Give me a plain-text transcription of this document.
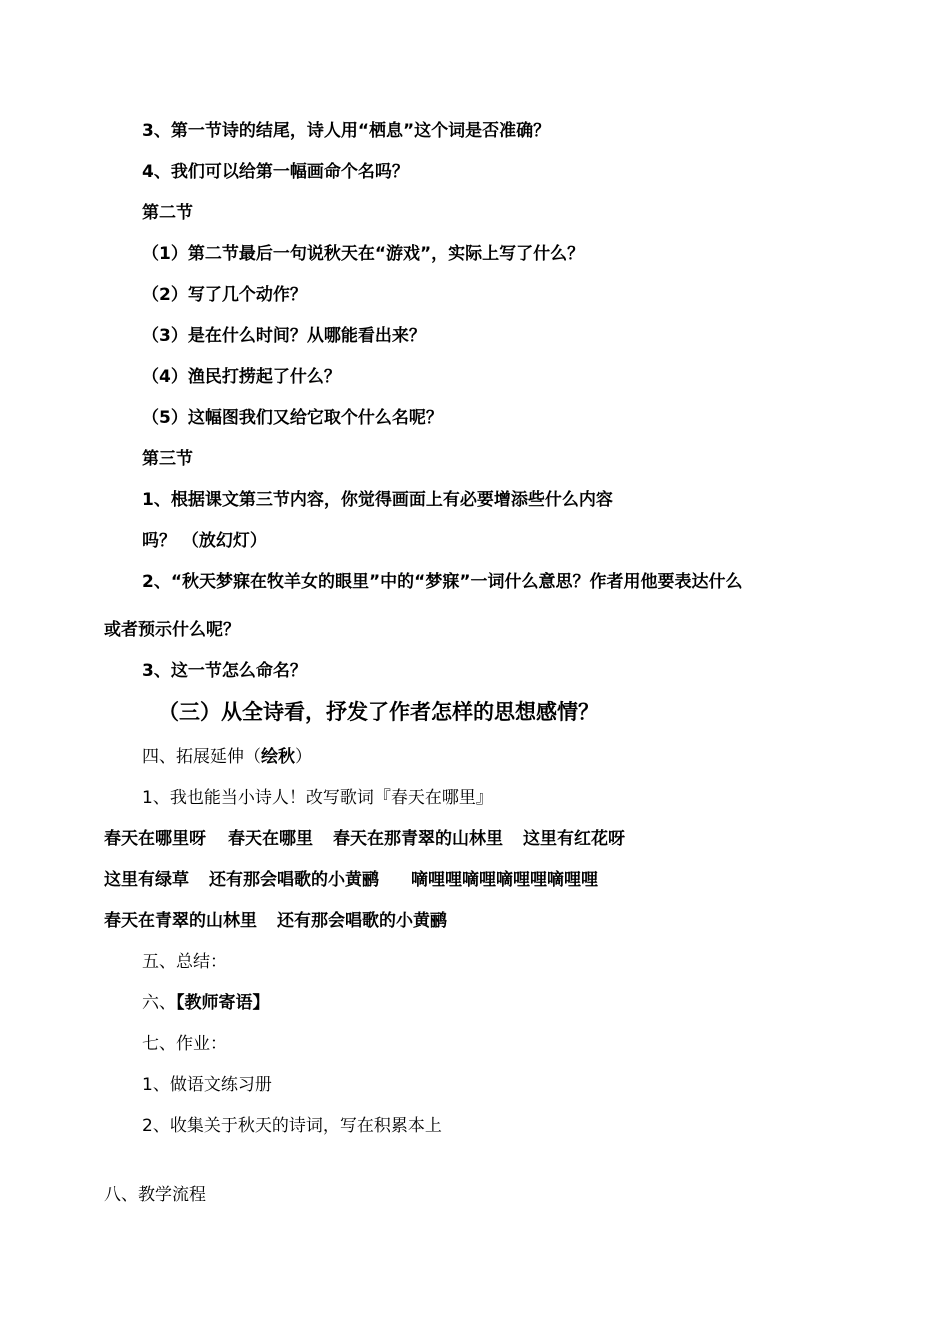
3、第一节诗的结尾，诗人用“栖息”这个词是否准确？
4、我们可以给第一幅画命个名吗？
第二节
（1）第二节最后一句说秋天在“游戏”，实际上写了什么？
（2）写了几个动作？
（3）是在什么时间？从哪能看出来？
（4）渔民打捞起了什么？
（5）这幅图我们又给它取个什么名呢？
第三节
1、根据课文第三节内容，你觉得画面上有必要增添些什么内容
吗？ （放幻灯）
2、“秋天梦寐在牧羊女的眼里”中的“梦寐”一词什么意思？作者用他要表达什么
或者预示什么呢？
3、这一节怎么命名？
（三）从全诗看，抒发了作者怎样的思想感情？
四、拓展延伸（绘秋）
1、我也能当小诗人！改写歌词『春天在哪里』
春天在哪里呀 春天在哪里 春天在那青翠的山林里 这里有红花呀
这里有绿草 还有那会唱歌的小黄鹂 嘀哩哩嘀哩嘀哩哩嘀哩哩
春天在青翠的山林里 还有那会唱歌的小黄鹂
五、总结：
六、【教师寄语】
七、作业：
1、做语文练习册
2、收集关于秋天的诗词，写在积累本上
八、教学流程
